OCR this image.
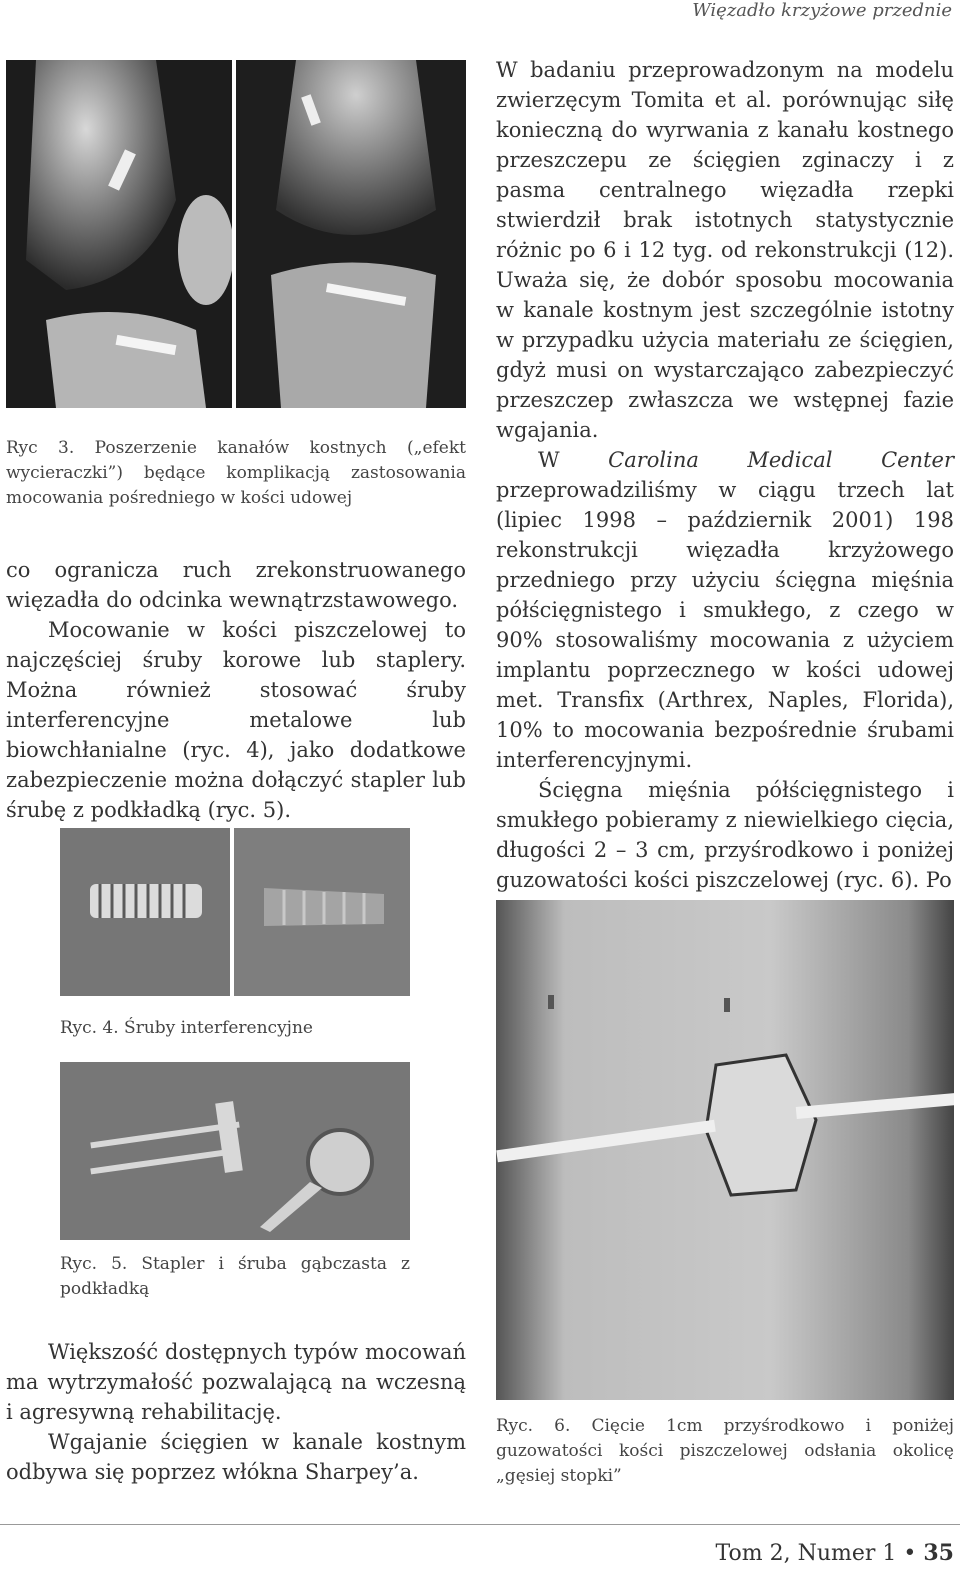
Więzadło krzyżowe przednie
Ryc 3. Poszerzenie kanałów kostnych („efekt wycieraczki”) będące komplikacją zastosowania mocowania pośredniego w kości udowej

co ogranicza ruch zrekonstruowanego więzadła do odcinka wewnątrzstawowego.

Mocowanie w kości piszczelowej to najczęściej śruby korowe lub staplery. Można również stosować śruby interferencyjne metalowe lub biowchłanialne (ryc. 4), jako dodatkowe zabezpieczenie można dołączyć stapler lub śrubę z podkładką (ryc. 5).

Ryc. 4. Śruby interferencyjne
Ryc. 5. Stapler i śruba gąbczasta z podkładką

Większość dostępnych typów mocowań ma wytrzymałość pozwalającą na wczesną i agresywną rehabilitację.

Wgajanie ścięgien w kanale kostnym odbywa się poprzez włókna Sharpey’a.

W badaniu przeprowadzonym na modelu zwierzęcym Tomita et al. porównując siłę konieczną do wyrwania z kanału kostnego przeszczepu ze ścięgien zginaczy i z pasma centralnego więzadła rzepki stwierdził brak istotnych statystycznie różnic po 6 i 12 tyg. od rekonstrukcji (12). Uważa się, że dobór sposobu mocowania w kanale kostnym jest szczególnie istotny w przypadku użycia materiału ze ścięgien, gdyż musi on wystarczająco zabezpieczyć przeszczep zwłaszcza we wstępnej fazie wgajania.

W Carolina Medical Center przeprowadziliśmy w ciągu trzech lat (lipiec 1998 – październik 2001) 198 rekonstrukcji więzadła krzyżowego przedniego przy użyciu ścięgna mięśnia półścięgnistego i smukłego, z czego w 90% stosowaliśmy mocowania z użyciem implantu poprzecznego w kości udowej met. Transfix (Arthrex, Naples, Florida), 10% to mocowania bezpośrednie śrubami interferencyjnymi.

Ścięgna mięśnia półścięgnistego i smukłego pobieramy z niewielkiego cięcia, długości 2 – 3 cm, przyśrodkowo i poniżej guzowatości kości piszczelowej (ryc. 6). Po

Ryc. 6. Cięcie 1cm przyśrodkowo i poniżej guzowatości kości piszczelowej odsłania okolicę „gęsiej stopki”
Tom 2, Numer 1 • 35
